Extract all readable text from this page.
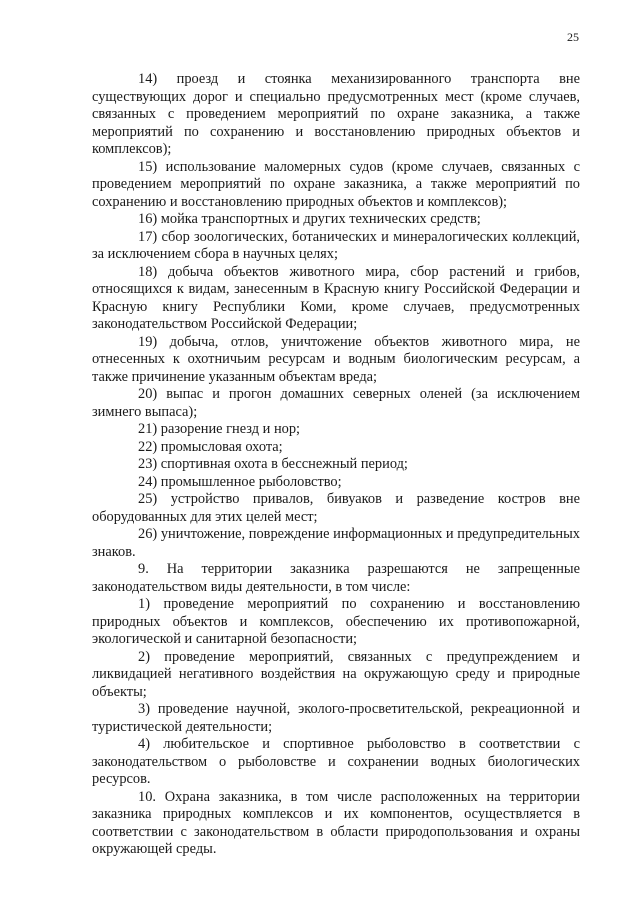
25

14) проезд и стоянка механизированного транспорта вне существующих дорог и специально предусмотренных мест (кроме случаев, связанных с проведением мероприятий по охране заказника, а также мероприятий по сохранению и восстановлению природных объектов и комплексов);

15) использование маломерных судов (кроме случаев, связанных с проведением мероприятий по охране заказника, а также мероприятий по сохранению и восстановлению природных объектов и комплексов);

16) мойка транспортных и других технических средств;

17) сбор зоологических, ботанических и минералогических коллекций, за исключением сбора в научных целях;

18) добыча объектов животного мира, сбор растений и грибов, относящихся к видам, занесенным в Красную книгу Российской Федерации и Красную книгу Республики Коми, кроме случаев, предусмотренных законодательством Российской Федерации;

19) добыча, отлов, уничтожение объектов животного мира, не отнесенных к охотничьим ресурсам и водным биологическим ресурсам, а также причинение указанным объектам вреда;

20) выпас и прогон домашних северных оленей (за исключением зимнего выпаса);

21) разорение гнезд и нор;

22) промысловая охота;

23) спортивная охота в бесснежный период;

24) промышленное рыболовство;

25) устройство привалов, бивуаков и разведение костров вне оборудованных для этих целей мест;

26) уничтожение, повреждение информационных и предупредительных знаков.

9. На территории заказника разрешаются не запрещенные законодательством виды деятельности, в том числе:

1) проведение мероприятий по сохранению и восстановлению природных объектов и комплексов, обеспечению их противопожарной, экологической и санитарной безопасности;

2) проведение мероприятий, связанных с предупреждением и ликвидацией негативного воздействия на окружающую среду и природные объекты;

3) проведение научной, эколого-просветительской, рекреационной и туристической деятельности;

4) любительское и спортивное рыболовство в соответствии с законодательством о рыболовстве и сохранении водных биологических ресурсов.

10. Охрана заказника, в том числе расположенных на территории заказника природных комплексов и их компонентов, осуществляется в соответствии с законодательством в области природопользования и охраны окружающей среды.
